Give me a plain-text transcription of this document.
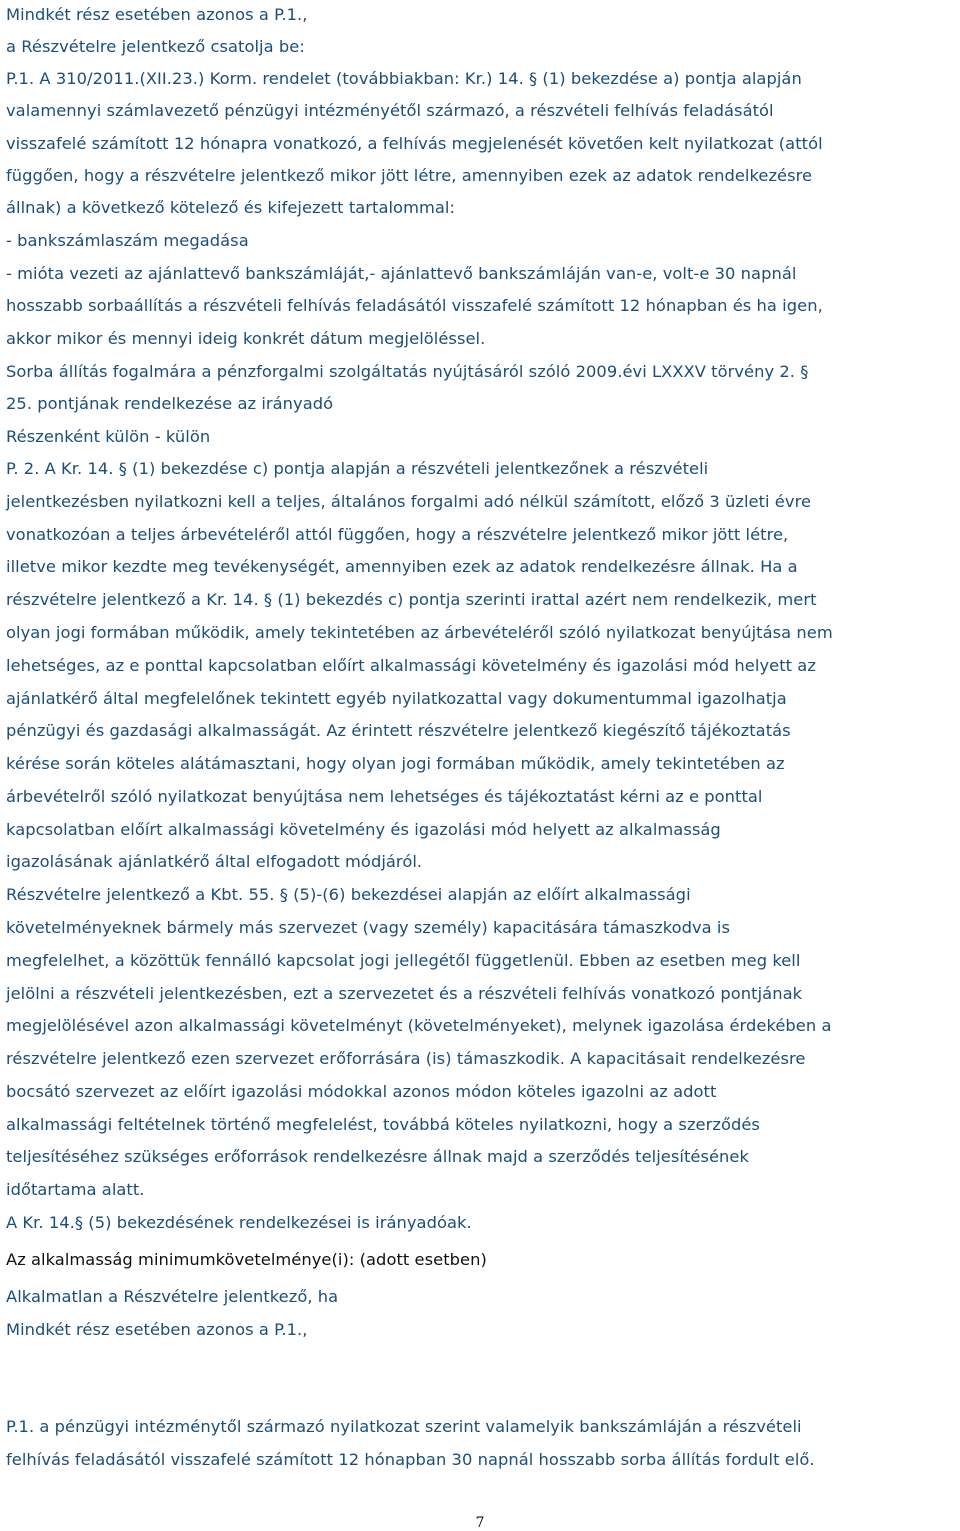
Mindkét rész esetében azonos a P.1.,
a Részvételre jelentkező csatolja be:
P.1. A 310/2011.(XII.23.) Korm. rendelet (továbbiakban: Kr.) 14. § (1) bekezdése a) pontja alapján
valamennyi számlavezető pénzügyi intézményétől származó, a részvételi felhívás feladásától
visszafelé számított 12 hónapra vonatkozó, a felhívás megjelenését követően kelt nyilatkozat (attól
függően, hogy a részvételre jelentkező mikor jött létre, amennyiben ezek az adatok rendelkezésre
állnak) a következő kötelező és kifejezett tartalommal:
- bankszámlaszám megadása
- mióta vezeti az ajánlattevő bankszámláját,- ajánlattevő bankszámláján van-e, volt-e 30 napnál
hosszabb sorbaállítás a részvételi felhívás feladásától visszafelé számított 12 hónapban és ha igen,
akkor mikor és mennyi ideig konkrét dátum megjelöléssel.
Sorba állítás fogalmára a pénzforgalmi szolgáltatás nyújtásáról szóló 2009.évi LXXXV törvény 2. §
25. pontjának rendelkezése az irányadó
Részenként külön - külön
P. 2. A Kr. 14. § (1) bekezdése c) pontja alapján a részvételi jelentkezőnek a részvételi
jelentkezésben nyilatkozni kell a teljes, általános forgalmi adó nélkül számított, előző 3 üzleti évre
vonatkozóan a teljes árbevételéről attól függően, hogy a részvételre jelentkező mikor jött létre,
illetve mikor kezdte meg tevékenységét, amennyiben ezek az adatok rendelkezésre állnak. Ha a
részvételre jelentkező a Kr. 14. § (1) bekezdés c) pontja szerinti irattal azért nem rendelkezik, mert
olyan jogi formában működik, amely tekintetében az árbevételéről szóló nyilatkozat benyújtása nem
lehetséges, az e ponttal kapcsolatban előírt alkalmassági követelmény és igazolási mód helyett az
ajánlatkérő által megfelelőnek tekintett egyéb nyilatkozattal vagy dokumentummal igazolhatja
pénzügyi és gazdasági alkalmasságát. Az érintett részvételre jelentkező kiegészítő tájékoztatás
kérése során köteles alátámasztani, hogy olyan jogi formában működik, amely tekintetében az
árbevételről szóló nyilatkozat benyújtása nem lehetséges és tájékoztatást kérni az e ponttal
kapcsolatban előírt alkalmassági követelmény és igazolási mód helyett az alkalmasság
igazolásának ajánlatkérő által elfogadott módjáról.
Részvételre jelentkező a Kbt. 55. § (5)-(6) bekezdései alapján az előírt alkalmassági
követelményeknek bármely más szervezet (vagy személy) kapacitására támaszkodva is
megfelelhet, a közöttük fennálló kapcsolat jogi jellegétől függetlenül. Ebben az esetben meg kell
jelölni a részvételi jelentkezésben, ezt a szervezetet és a részvételi felhívás vonatkozó pontjának
megjelölésével azon alkalmassági követelményt (követelményeket), melynek igazolása érdekében a
részvételre jelentkező ezen szervezet erőforrására (is) támaszkodik. A kapacitásait rendelkezésre
bocsátó szervezet az előírt igazolási módokkal azonos módon köteles igazolni az adott
alkalmassági feltételnek történő megfelelést, továbbá köteles nyilatkozni, hogy a szerződés
teljesítéséhez szükséges erőforrások rendelkezésre állnak majd a szerződés teljesítésének
időtartama alatt.
A Kr. 14.§ (5) bekezdésének rendelkezései is irányadóak.
Az alkalmasság minimumkövetelménye(i): (adott esetben)
Alkalmatlan a Részvételre jelentkező, ha
Mindkét rész esetében azonos a P.1.,
P.1. a pénzügyi intézménytől származó nyilatkozat szerint valamelyik bankszámláján a részvételi
felhívás feladásától visszafelé számított 12 hónapban 30 napnál hosszabb sorba állítás fordult elő.
7
